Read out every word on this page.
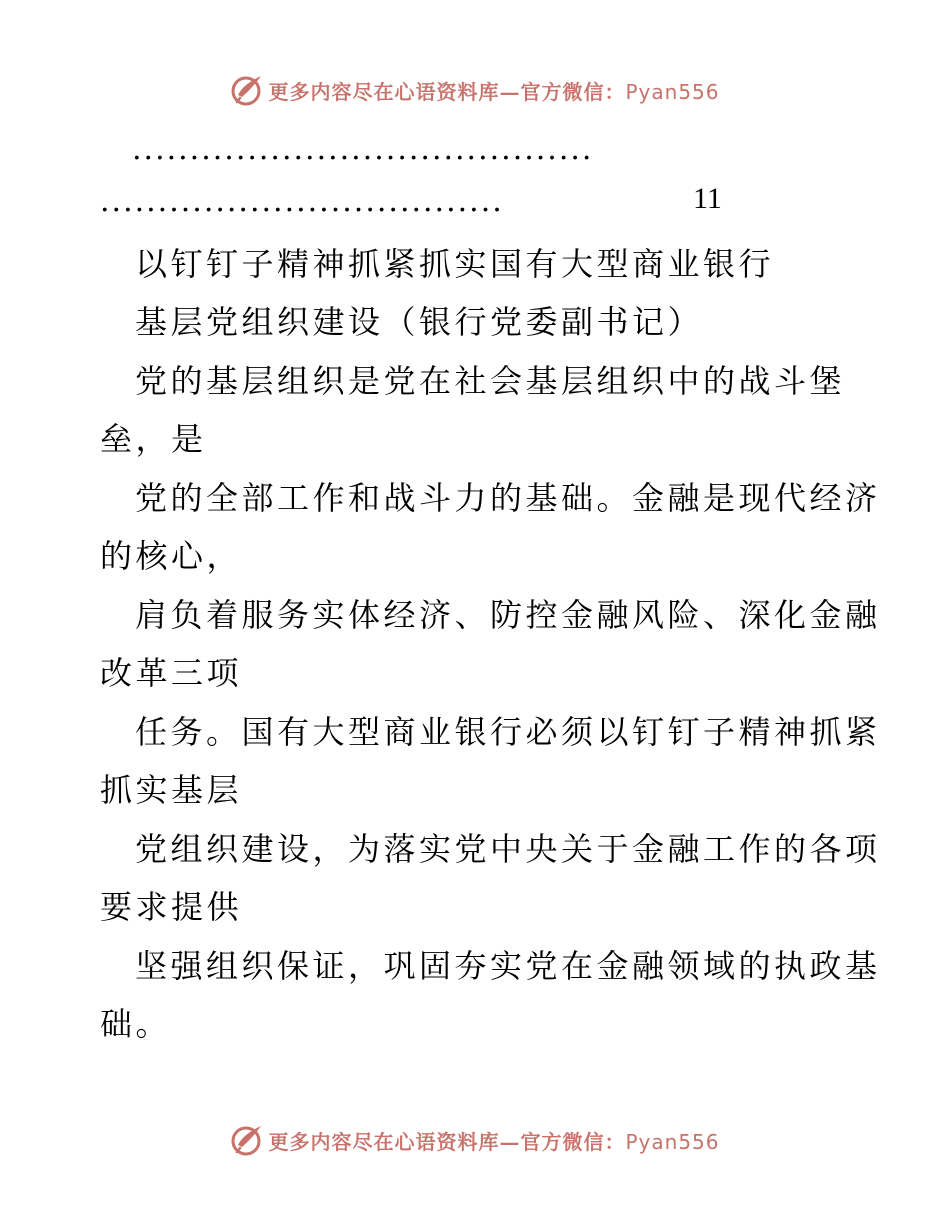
更多内容尽在心语资料库—官方微信：Pyan556
........................................
...................................	11
以钉钉子精神抓紧抓实国有大型商业银行
基层党组织建设（银行党委副书记）
党的基层组织是党在社会基层组织中的战斗堡
垒，是
党的全部工作和战斗力的基础。金融是现代经济
的核心，
肩负着服务实体经济、防控金融风险、深化金融
改革三项
任务。国有大型商业银行必须以钉钉子精神抓紧
抓实基层
党组织建设，为落实党中央关于金融工作的各项
要求提供
坚强组织保证，巩固夯实党在金融领域的执政基
础。
更多内容尽在心语资料库—官方微信：Pyan556
